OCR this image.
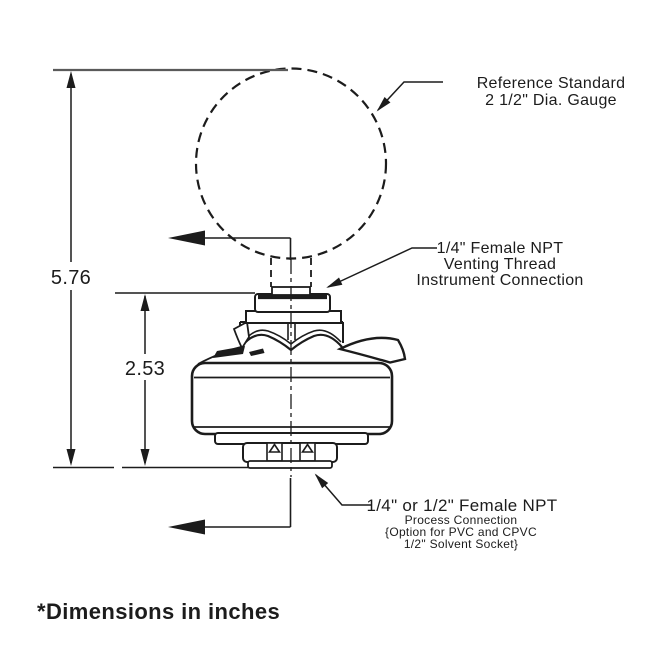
5.76
2.53
Reference Standard
2 1/2" Dia. Gauge
1/4" Female NPT
Venting Thread
Instrument Connection
1/4" or 1/2" Female NPT
Process Connection
{Option for PVC and CPVC
1/2" Solvent Socket}
*Dimensions in inches
